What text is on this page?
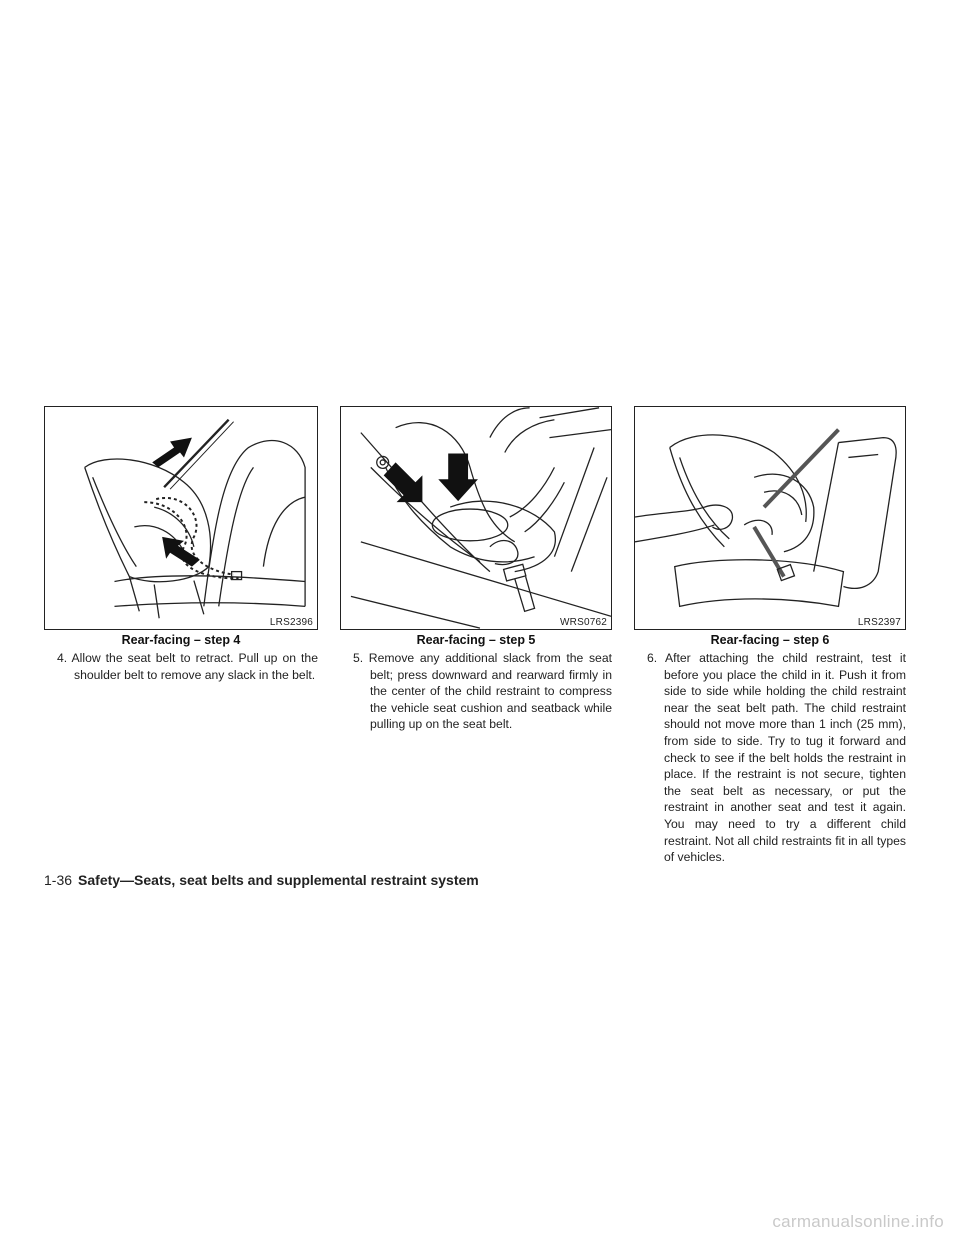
LRS2396
Rear-facing – step 4
4. Allow the seat belt to retract. Pull up on the shoulder belt to remove any slack in the belt.
WRS0762
Rear-facing – step 5
5. Remove any additional slack from the seat belt; press downward and rearward firmly in the center of the child restraint to compress the vehicle seat cushion and seatback while pulling up on the seat belt.
LRS2397
Rear-facing – step 6
6. After attaching the child restraint, test it before you place the child in it. Push it from side to side while holding the child restraint near the seat belt path. The child restraint should not move more than 1 inch (25 mm), from side to side. Try to tug it forward and check to see if the belt holds the restraint in place. If the restraint is not secure, tighten the seat belt as necessary, or put the restraint in another seat and test it again. You may need to try a different child restraint. Not all child restraints fit in all types of vehicles.
1-36 Safety—Seats, seat belts and supplemental restraint system
carmanualsonline.info
